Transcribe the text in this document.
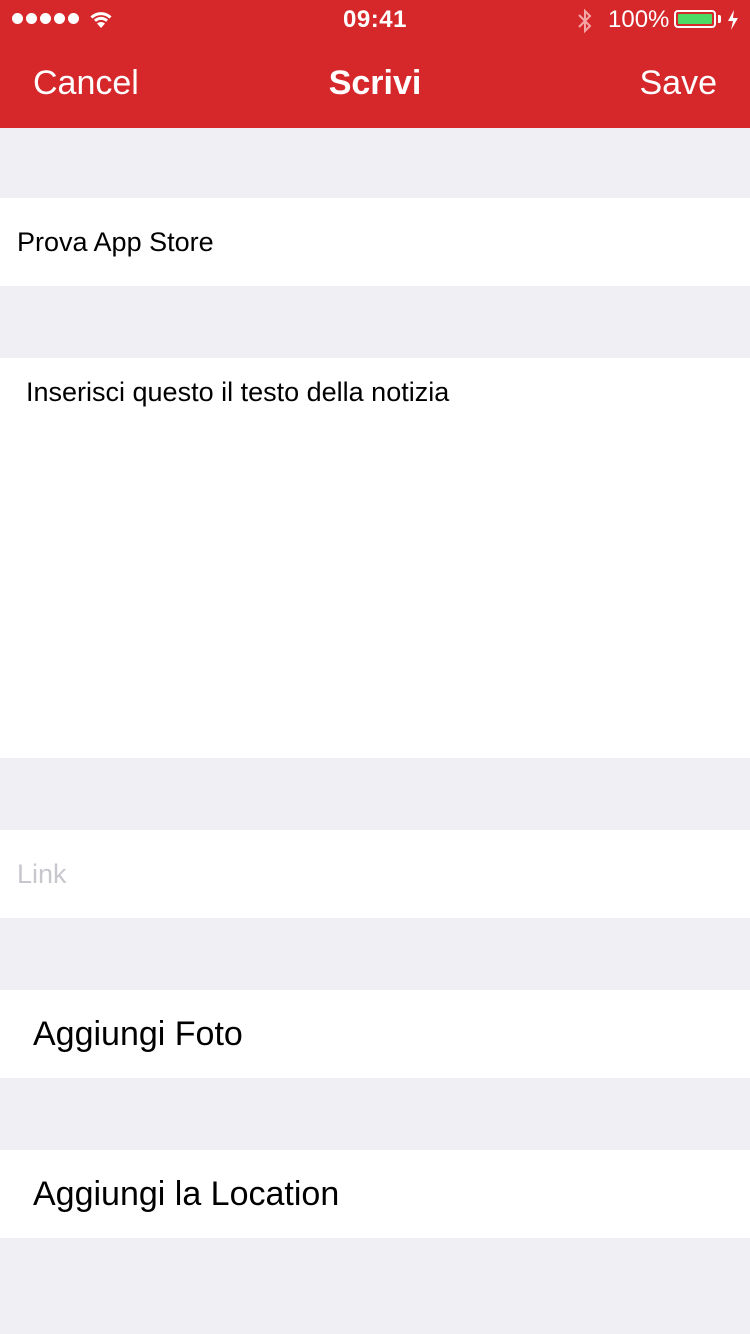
09:41	100%
Cancel	Scrivi	Save
Prova App Store
Inserisci questo il testo della notizia
Link
Aggiungi Foto
Aggiungi la Location
